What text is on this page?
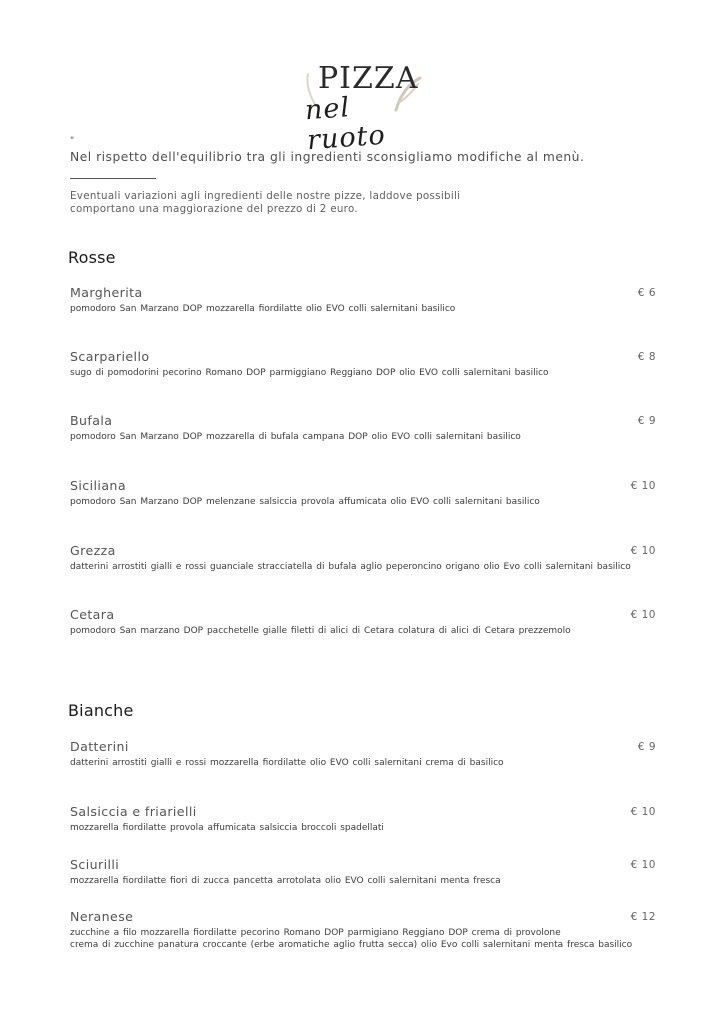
PIZZA
nel ruoto
"
Nel rispetto dell'equilibrio tra gli ingredienti sconsigliamo modifiche al menù.
Eventuali variazioni agli ingredienti delle nostre pizze, laddove possibili
comportano una maggiorazione del prezzo di 2 euro.
Rosse
Margherita	€ 6
pomodoro San Marzano DOP mozzarella fiordilatte olio EVO colli salernitani basilico
Scarpariello	€ 8
sugo di pomodorini pecorino Romano DOP parmiggiano Reggiano DOP olio EVO colli salernitani basilico
Bufala	€ 9
pomodoro San Marzano DOP mozzarella di bufala campana DOP olio EVO colli salernitani basilico
Siciliana	€ 10
pomodoro San Marzano DOP melenzane salsiccia provola affumicata olio EVO colli salernitani basilico
Grezza	€ 10
datterini arrostiti gialli e rossi guanciale stracciatella di bufala aglio peperoncino origano olio Evo colli salernitani basilico
Cetara	€ 10
pomodoro San marzano DOP pacchetelle gialle filetti di alici di Cetara colatura di alici di Cetara prezzemolo
Bianche
Datterini	€ 9
datterini arrostiti gialli e rossi mozzarella fiordilatte olio EVO colli salernitani crema di basilico
Salsiccia e friarielli	€ 10
mozzarella fiordilatte provola affumicata salsiccia broccoli spadellati
Sciurilli	€ 10
mozzarella fiordilatte fiori di zucca pancetta arrotolata olio EVO colli salernitani menta fresca
Neranese	€ 12
zucchine a filo mozzarella fiordilatte pecorino Romano DOP parmigiano Reggiano DOP crema di provolone
crema di zucchine panatura croccante (erbe aromatiche aglio frutta secca) olio Evo colli salernitani menta fresca basilico
